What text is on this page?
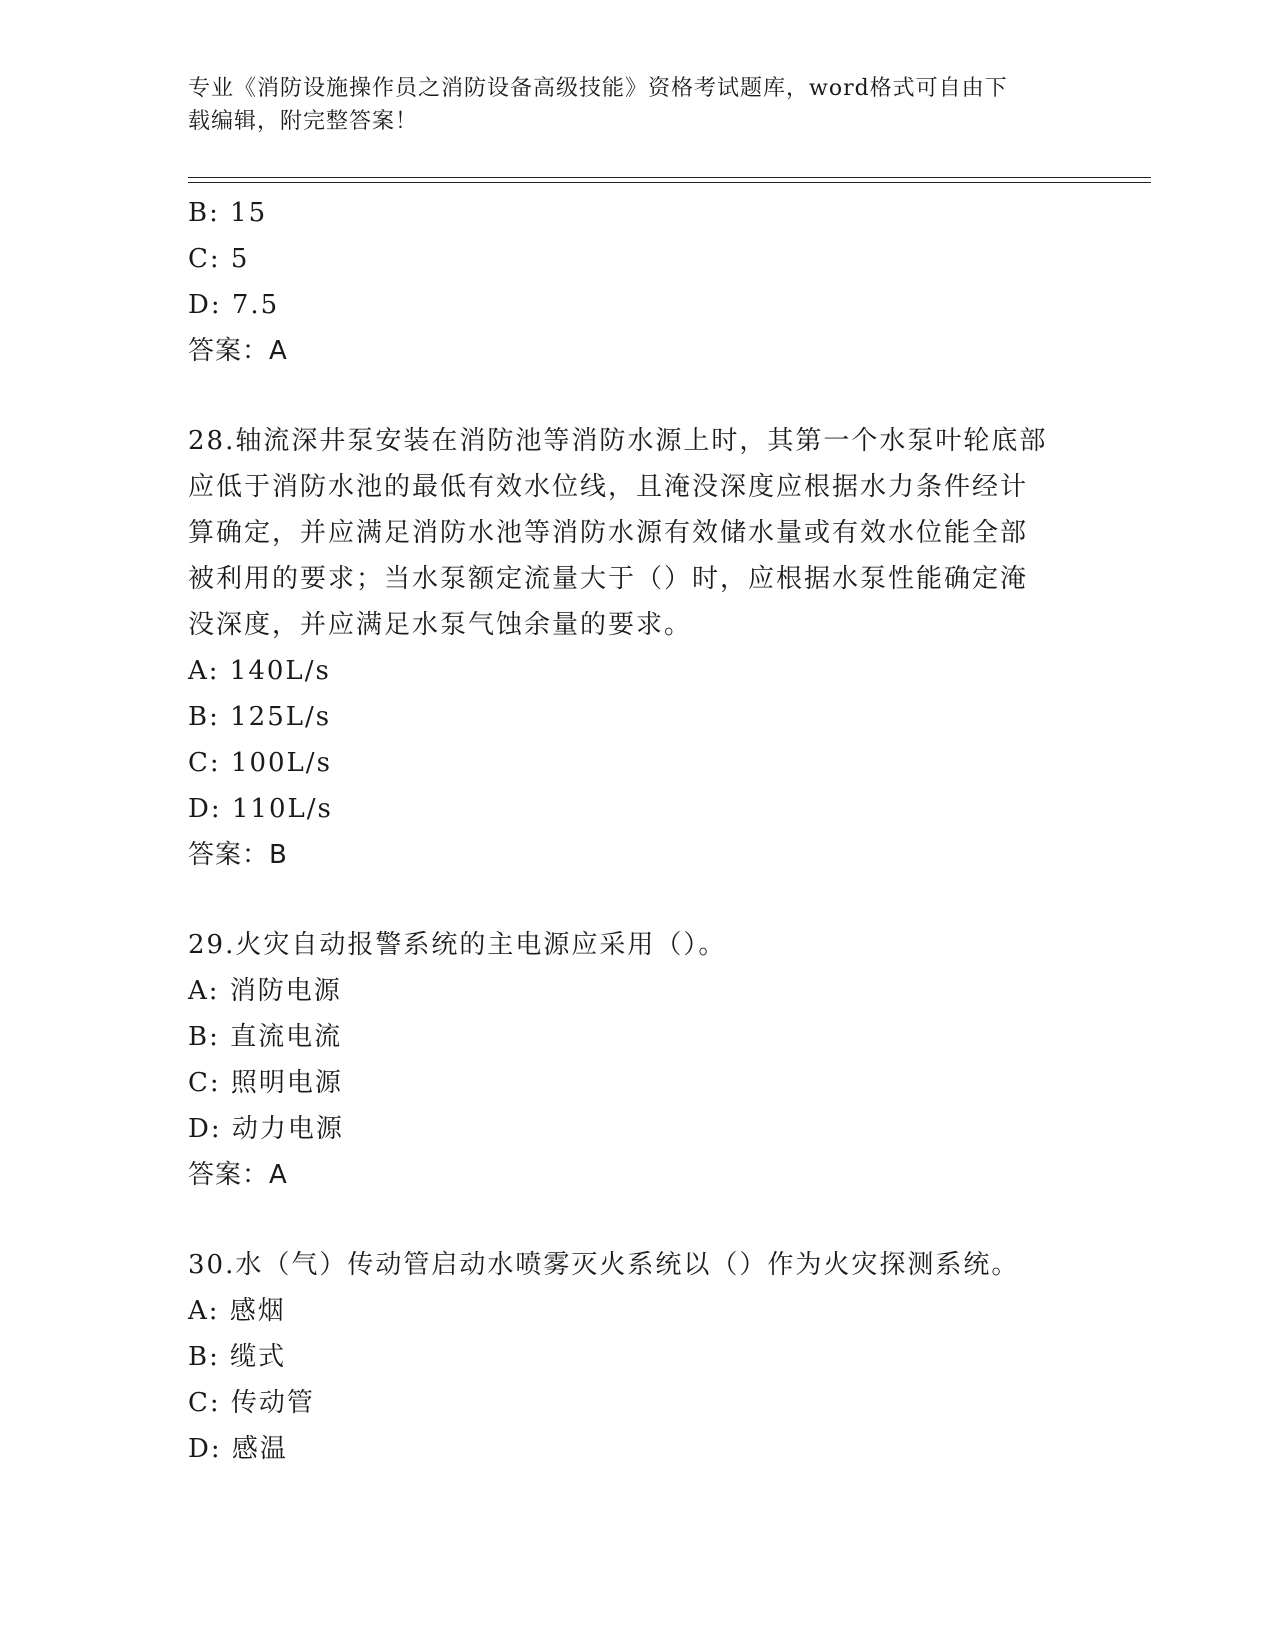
专业《消防设施操作员之消防设备高级技能》资格考试题库，word格式可自由下
载编辑，附完整答案！
B: 15
C: 5
D: 7.5
答案：A
28.轴流深井泵安装在消防池等消防水源上时，其第一个水泵叶轮底部
应低于消防水池的最低有效水位线，且淹没深度应根据水力条件经计
算确定，并应满足消防水池等消防水源有效储水量或有效水位能全部
被利用的要求；当水泵额定流量大于（）时，应根据水泵性能确定淹
没深度，并应满足水泵气蚀余量的要求。
A: 140L/s
B: 125L/s
C: 100L/s
D: 110L/s
答案：B
29.火灾自动报警系统的主电源应采用（）。
A: 消防电源
B: 直流电流
C: 照明电源
D: 动力电源
答案：A
30.水（气）传动管启动水喷雾灭火系统以（）作为火灾探测系统。
A: 感烟
B: 缆式
C: 传动管
D: 感温
